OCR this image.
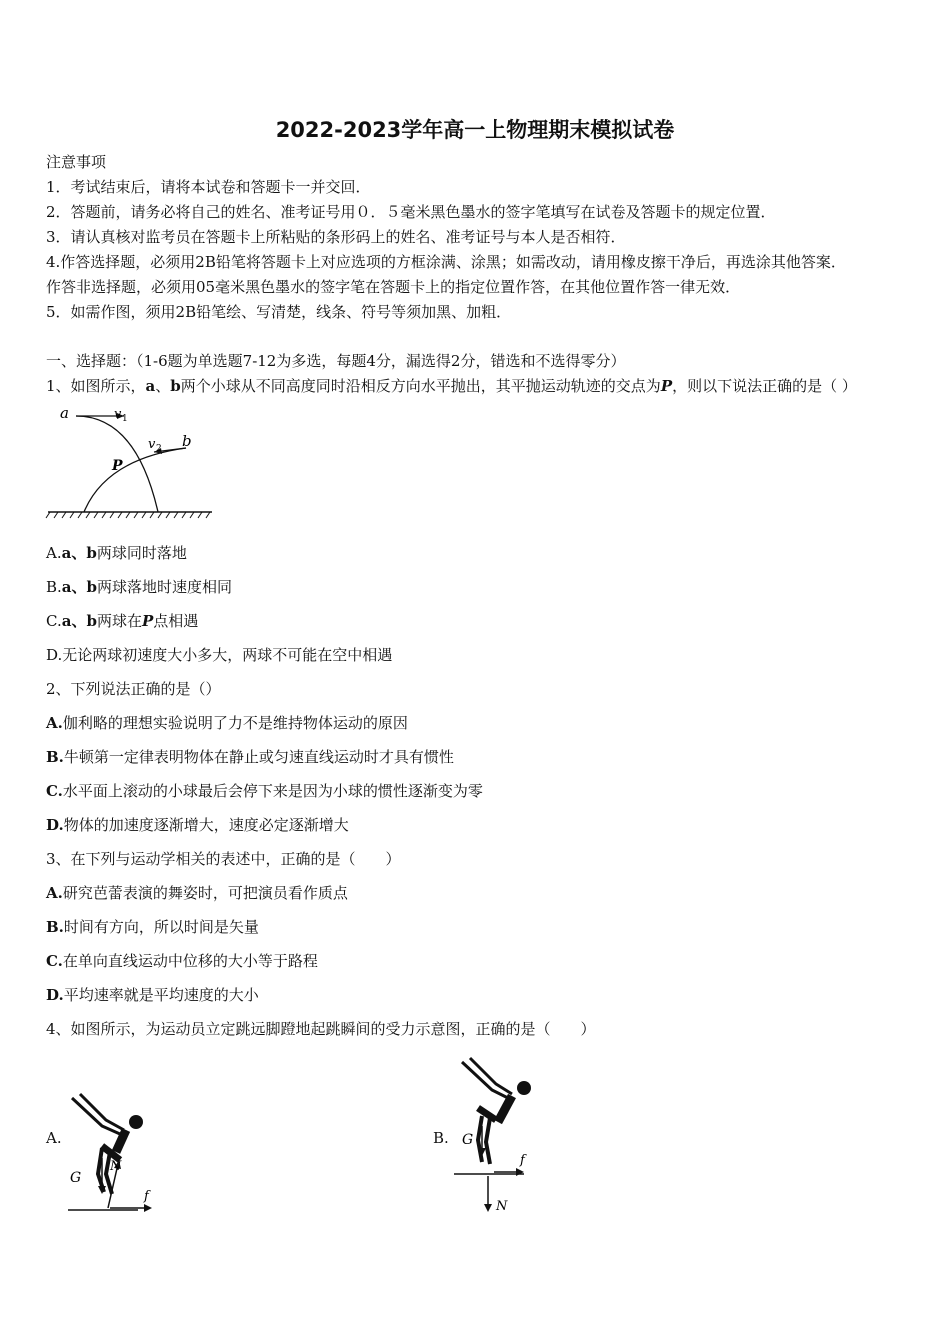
2022-2023学年高一上物理期末模拟试卷
注意事项
1．考试结束后，请将本试卷和答题卡一并交回．
2．答题前，请务必将自己的姓名、准考证号用０．５毫米黑色墨水的签字笔填写在试卷及答题卡的规定位置．
3．请认真核对监考员在答题卡上所粘贴的条形码上的姓名、准考证号与本人是否相符．
4.作答选择题，必须用2B铅笔将答题卡上对应选项的方框涂满、涂黑；如需改动，请用橡皮擦干净后，再选涂其他答案．
作答非选择题，必须用05毫米黑色墨水的签字笔在答题卡上的指定位置作答，在其他位置作答一律无效．
5．如需作图，须用2B铅笔绘、写清楚，线条、符号等须加黑、加粗．
一、选择题：（1-6题为单选题7-12为多选，每题4分，漏选得2分，错选和不选得零分）
1、如图所示，a、b两个小球从不同高度同时沿相反方向水平抛出，其平抛运动轨迹的交点为P，则以下说法正确的是（ ）
a	v 1
v 2 b
P
A.a、b两球同时落地
B.a、b两球落地时速度相同
C.a、b两球在P点相遇
D.无论两球初速度大小多大，两球不可能在空中相遇
2、下列说法正确的是（）
A.伽利略的理想实验说明了力不是维持物体运动的原因
B.牛顿第一定律表明物体在静止或匀速直线运动时才具有惯性
C.水平面上滚动的小球最后会停下来是因为小球的惯性逐渐变为零
D.物体的加速度逐渐增大，速度必定逐渐增大
3、在下列与运动学相关的表述中，正确的是（　　）
A.研究芭蕾表演的舞姿时，可把演员看作质点
B.时间有方向，所以时间是矢量
C.在单向直线运动中位移的大小等于路程
D.平均速率就是平均速度的大小
4、如图所示，为运动员立定跳远脚蹬地起跳瞬间的受力示意图，正确的是（　　）
A.	B.
G
N
f
G
f
N
